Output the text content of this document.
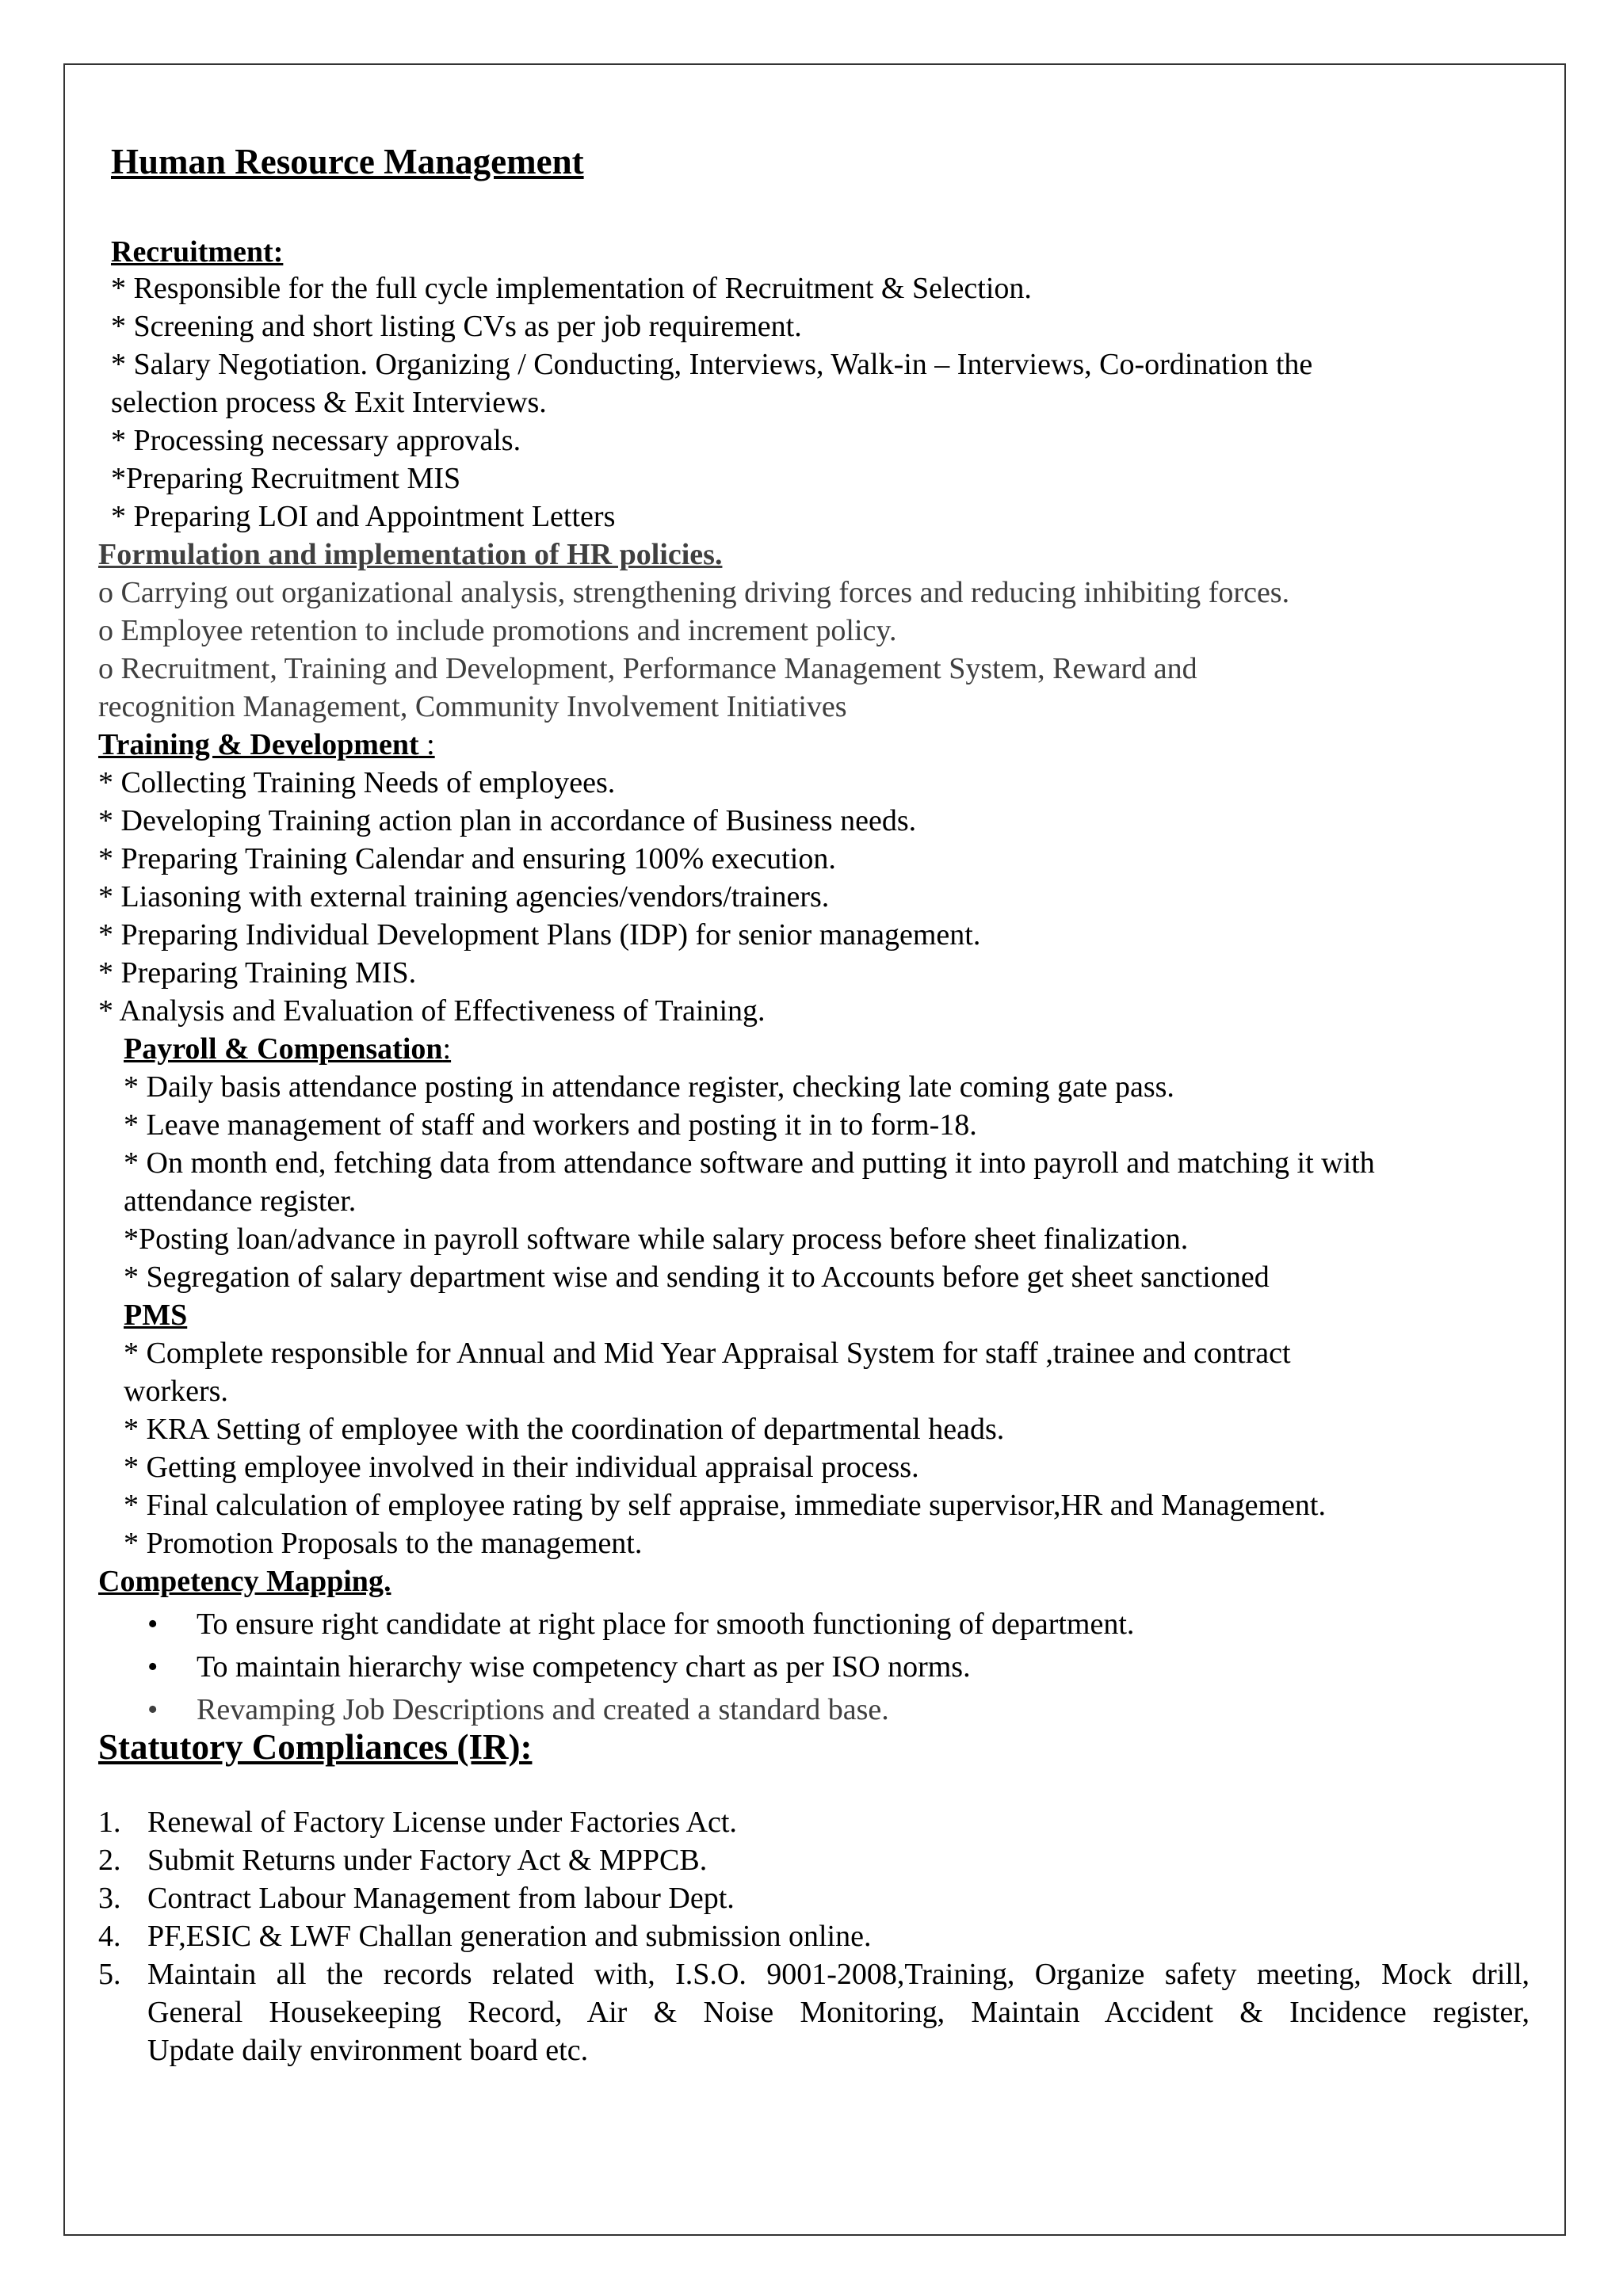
Human Resource Management
Recruitment:
* Responsible for the full cycle implementation of Recruitment & Selection.
* Screening and short listing CVs as per job requirement.
* Salary Negotiation. Organizing / Conducting, Interviews, Walk-in – Interviews, Co-ordination the
selection process & Exit Interviews.
* Processing necessary approvals.
*Preparing Recruitment MIS
* Preparing LOI and Appointment Letters
Formulation and implementation of HR policies.
o Carrying out organizational analysis, strengthening driving forces and reducing inhibiting forces.
o Employee retention to include promotions and increment policy.
o Recruitment, Training and Development, Performance Management System, Reward and
recognition Management, Community Involvement Initiatives
Training & Development :
* Collecting Training Needs of employees.
* Developing Training action plan in accordance of Business needs.
* Preparing Training Calendar and ensuring 100% execution.
* Liasoning with external training agencies/vendors/trainers.
* Preparing Individual Development Plans (IDP) for senior management.
* Preparing Training MIS.
* Analysis and Evaluation of Effectiveness of Training.
Payroll & Compensation:
* Daily basis attendance posting in attendance register, checking late coming gate pass.
* Leave management of staff and workers and posting it in to form-18.
* On month end, fetching data from attendance software and putting it into payroll and matching it with
attendance register.
*Posting loan/advance in payroll software while salary process before sheet finalization.
* Segregation of salary department wise and sending it to Accounts before get sheet sanctioned
PMS
* Complete responsible for Annual and Mid Year Appraisal System for staff ,trainee and contract
workers.
* KRA Setting of employee with the coordination of departmental heads.
* Getting employee involved in their individual appraisal process.
* Final calculation of employee rating by self appraise, immediate supervisor,HR and Management.
* Promotion Proposals to the management.
Competency Mapping.
• To ensure right candidate at right place for smooth functioning of department.
• To maintain hierarchy wise competency chart as per ISO norms.
• Revamping Job Descriptions and created a standard base.
Statutory Compliances (IR):
1. Renewal of Factory License under Factories Act.
2. Submit Returns under Factory Act & MPPCB.
3. Contract Labour Management from labour Dept.
4. PF,ESIC & LWF Challan generation and submission online.
5. Maintain all the records related with, I.S.O. 9001-2008,Training, Organize safety meeting, Mock drill,
General Housekeeping Record, Air & Noise Monitoring, Maintain Accident & Incidence register,
Update daily environment board etc.
